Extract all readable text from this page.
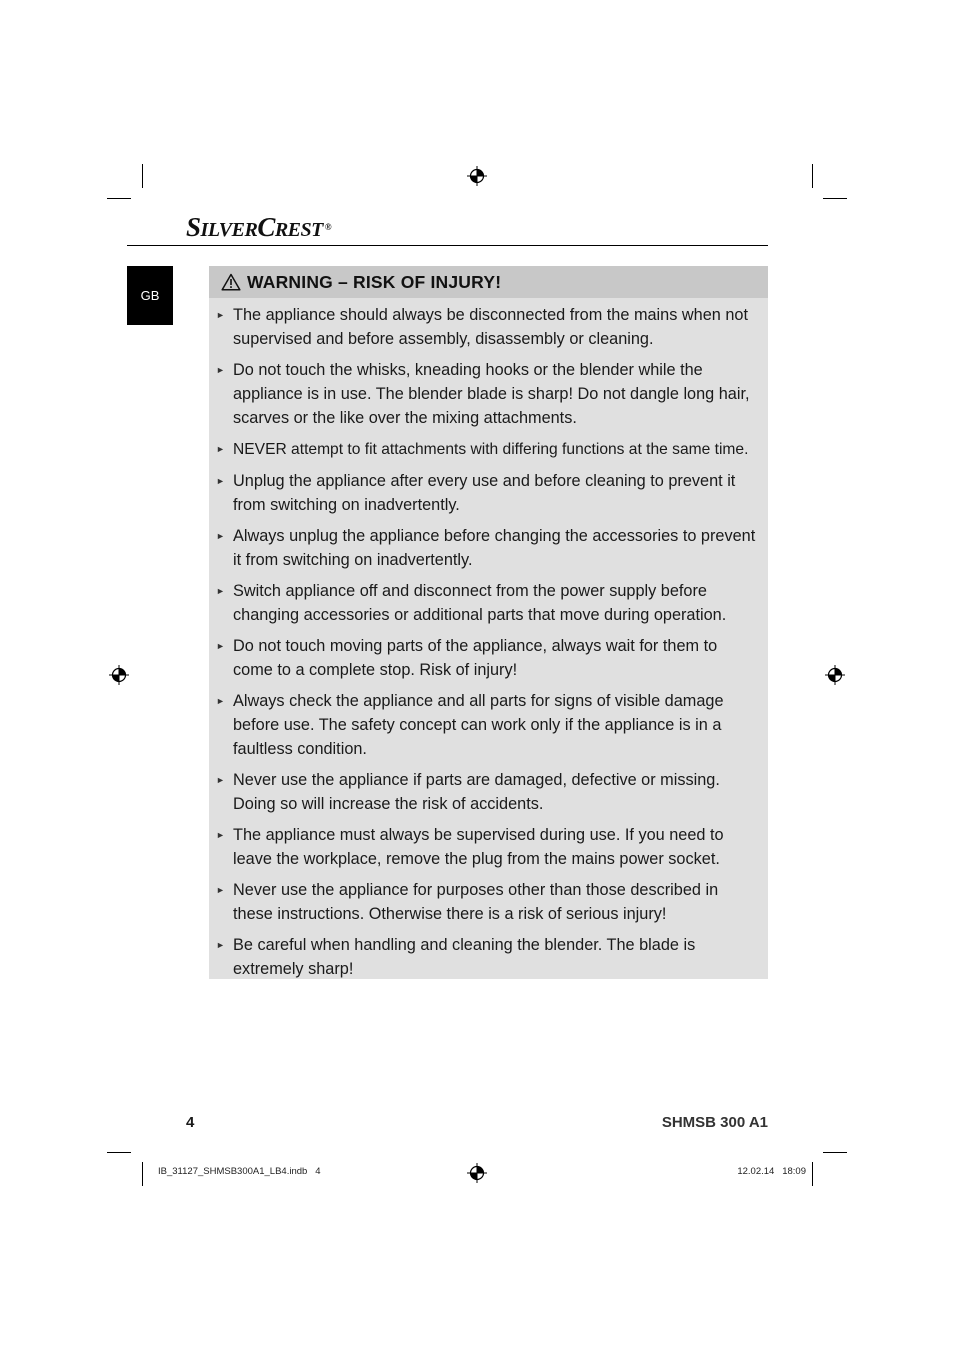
SILVERCREST ®
GB
WARNING – RISK OF INJURY!
► The appliance should always be disconnected from the mains when not supervised and before assembly, disassembly or cleaning.
► Do not touch the whisks, kneading hooks or the blender while the appliance is in use. The blender blade is sharp! Do not dangle long hair, scarves or the like over the mixing attachments.
► NEVER attempt to fit attachments with differing functions at the same time.
► Unplug the appliance after every use and before cleaning to prevent it from switching on inadvertently.
► Always unplug the appliance before changing the accessories to prevent it from switching on inadvertently.
► Switch appliance off and disconnect from the power supply before changing accessories or additional parts that move during operation.
► Do not touch moving parts of the appliance, always wait for them to come to a complete stop. Risk of injury!
► Always check the appliance and all parts for signs of visible damage before use. The safety concept can work only if the appliance is in a faultless condition.
► Never use the appliance if parts are damaged, defective or missing. Doing so will increase the risk of accidents.
► The appliance must always be supervised during use. If you need to leave the workplace, remove the plug from the mains power socket.
► Never use the appliance for purposes other than those described in these instructions. Otherwise there is a risk of serious injury!
► Be careful when handling and cleaning the blender. The blade is extremely sharp!
4	SHMSB 300 A1
IB_31127_SHMSB300A1_LB4.indb   4	12.02.14   18:09
